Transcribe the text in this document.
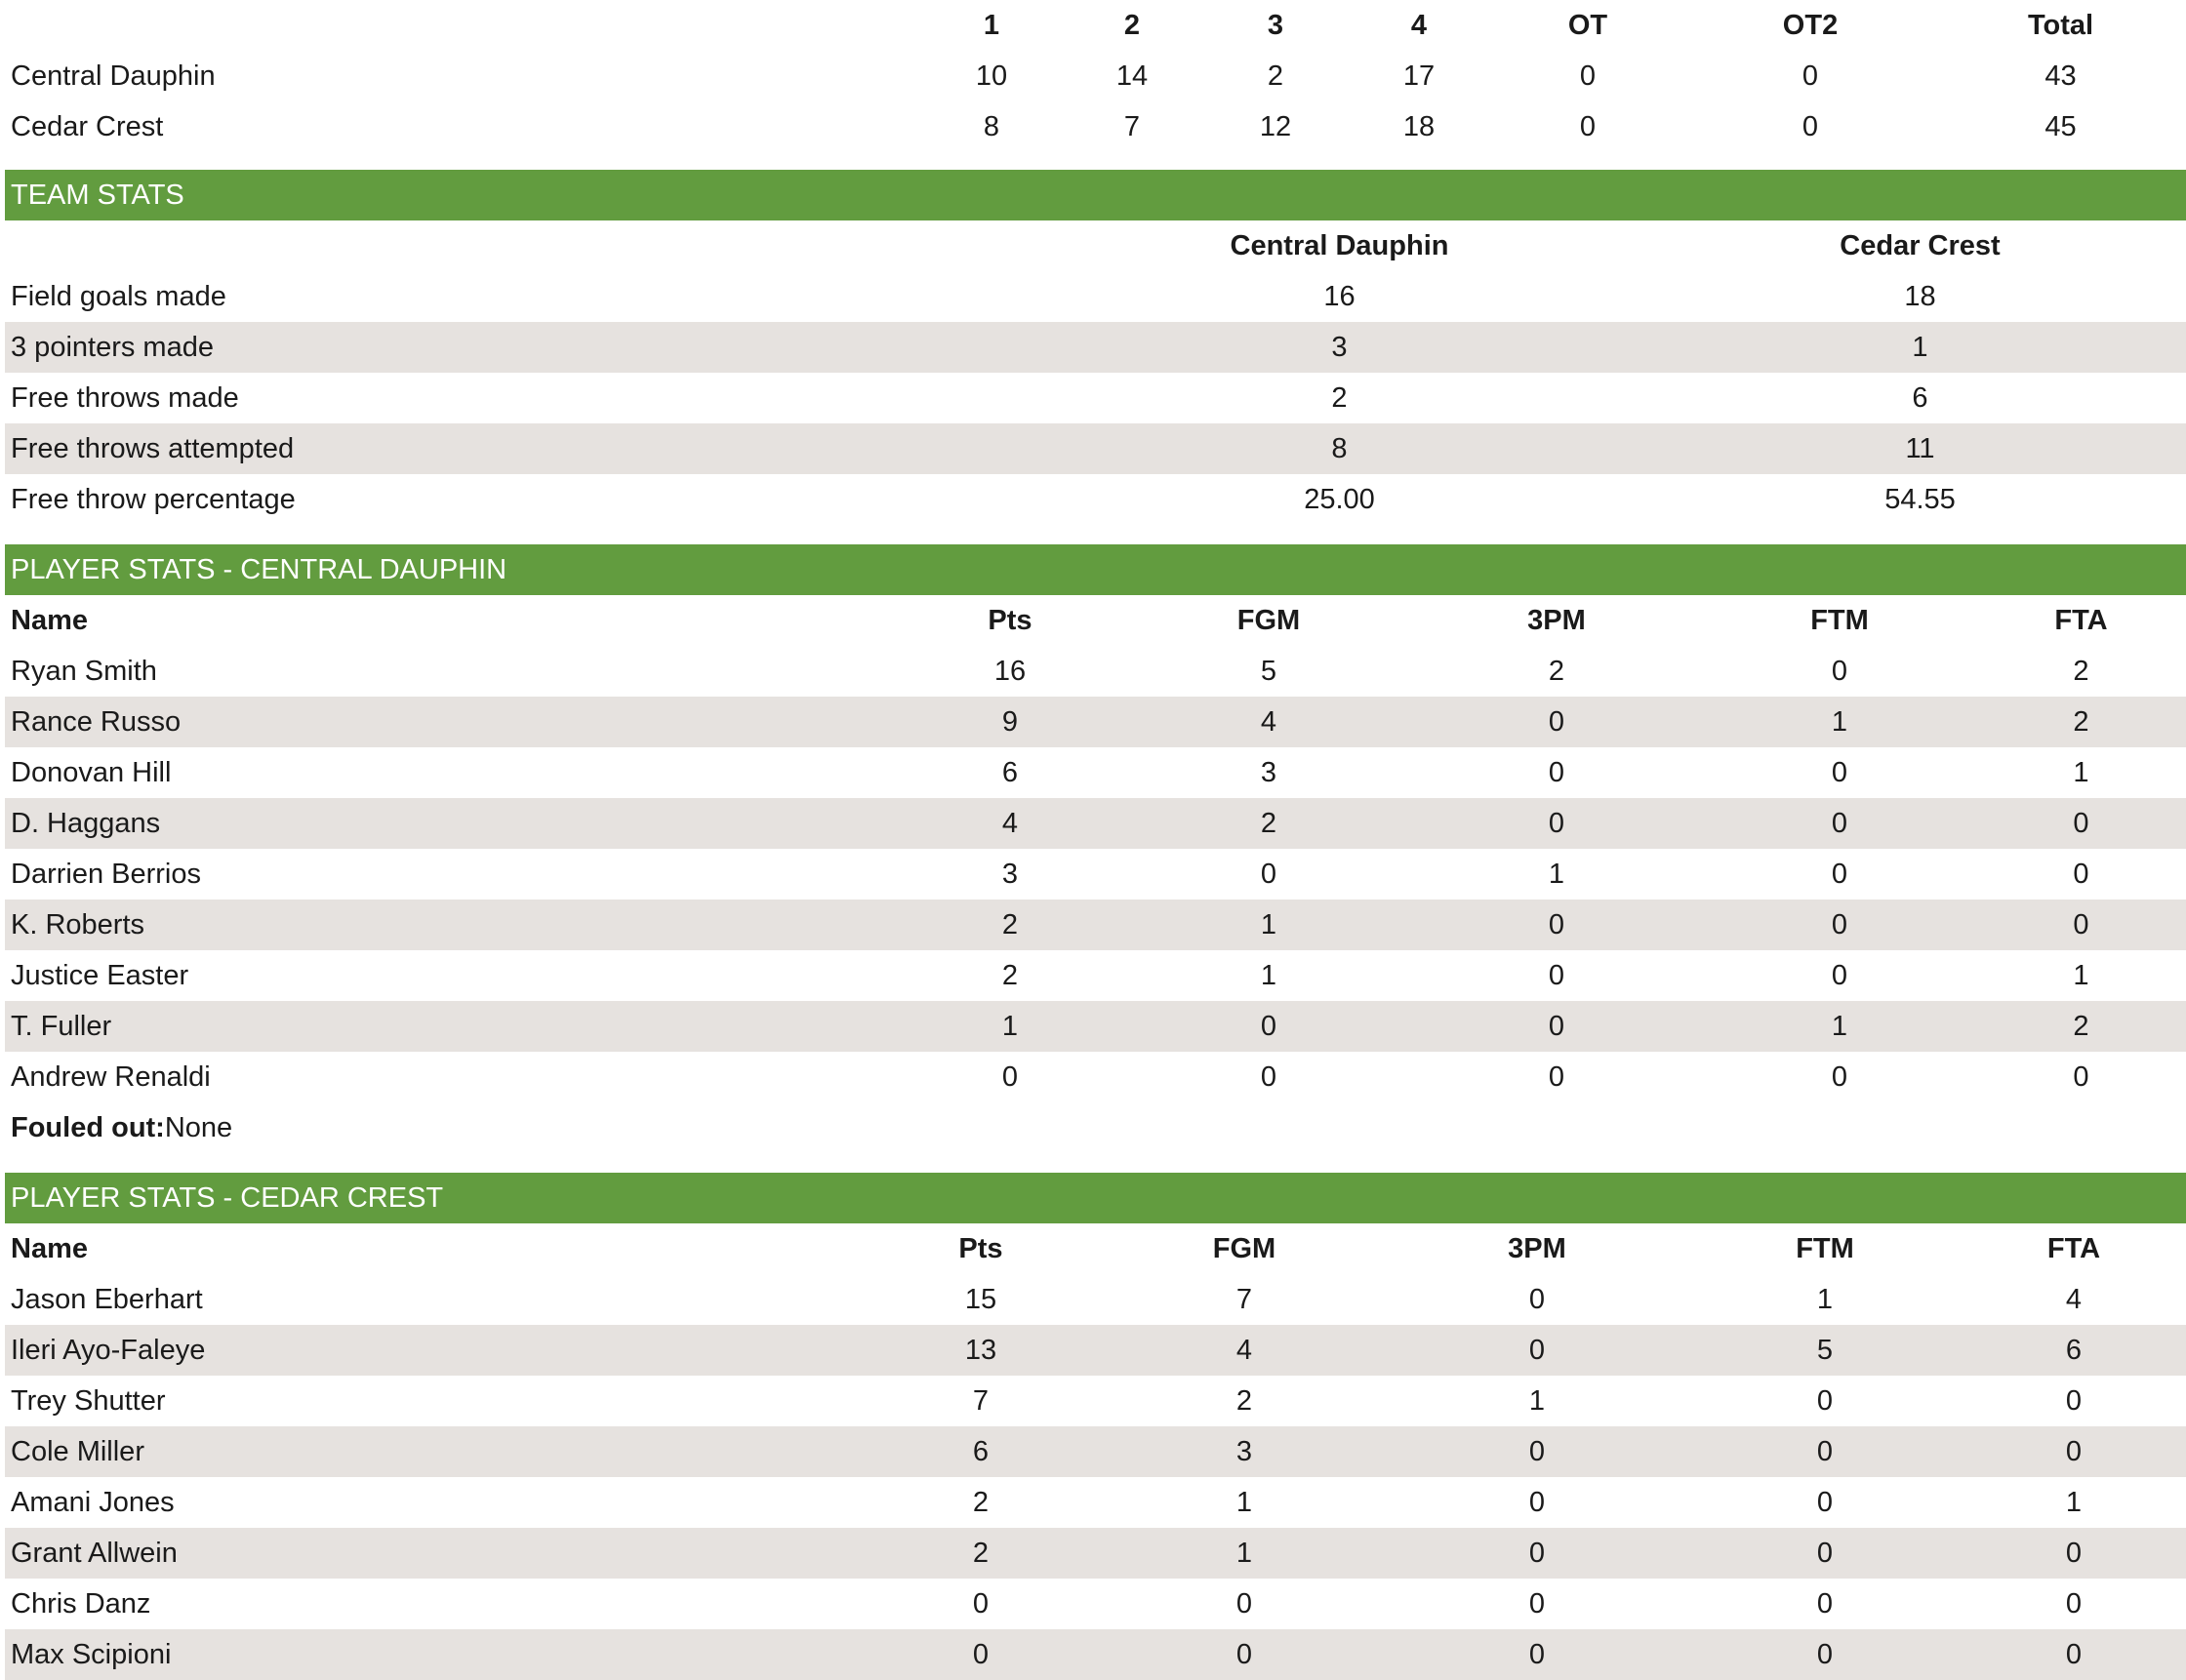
	1	2	3	4	OT	OT2	Total
Central Dauphin	10	14	2	17	0	0	43
Cedar Crest	8	7	12	18	0	0	45
TEAM STATS
	Central Dauphin	Cedar Crest
Field goals made	16	18
3 pointers made	3	1
Free throws made	2	6
Free throws attempted	8	11
Free throw percentage	25.00	54.55
PLAYER STATS - CENTRAL DAUPHIN
Name	Pts	FGM	3PM	FTM	FTA
Ryan Smith	16	5	2	0	2
Rance Russo	9	4	0	1	2
Donovan Hill	6	3	0	0	1
D. Haggans	4	2	0	0	0
Darrien Berrios	3	0	1	0	0
K. Roberts	2	1	0	0	0
Justice Easter	2	1	0	0	1
T. Fuller	1	0	0	1	2
Andrew Renaldi	0	0	0	0	0
Fouled out:None
PLAYER STATS - CEDAR CREST
Name	Pts	FGM	3PM	FTM	FTA
Jason Eberhart	15	7	0	1	4
Ileri Ayo-Faleye	13	4	0	5	6
Trey Shutter	7	2	1	0	0
Cole Miller	6	3	0	0	0
Amani Jones	2	1	0	0	1
Grant Allwein	2	1	0	0	0
Chris Danz	0	0	0	0	0
Max Scipioni	0	0	0	0	0
